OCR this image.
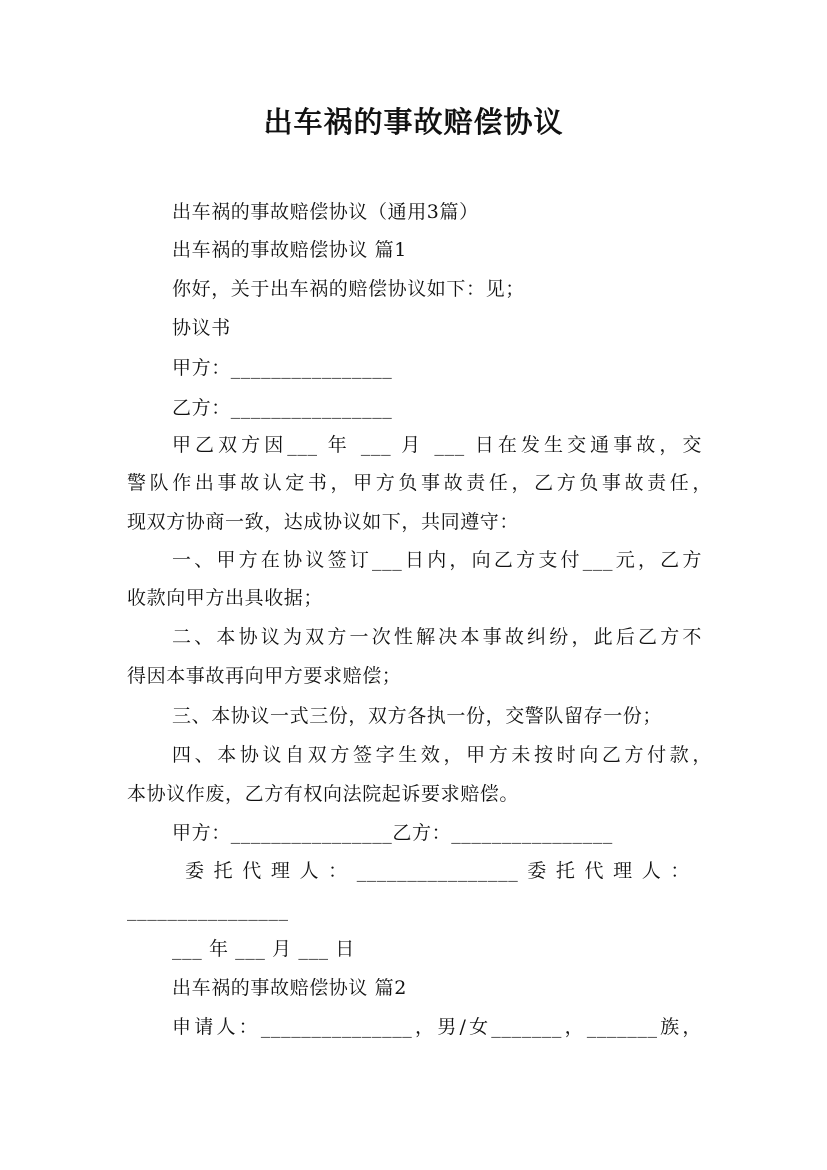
出车祸的事故赔偿协议
出车祸的事故赔偿协议（通用3篇）
出车祸的事故赔偿协议 篇1
你好，关于出车祸的赔偿协议如下：见；
协议书
甲方：________________
乙方：________________
甲乙双方因___ 年 ___ 月 ___ 日在发生交通事故，交
警队作出事故认定书，甲方负事故责任，乙方负事故责任，
现双方协商一致，达成协议如下，共同遵守：
一、甲方在协议签订___日内，向乙方支付___元，乙方
收款向甲方出具收据；
二、本协议为双方一次性解决本事故纠纷，此后乙方不
得因本事故再向甲方要求赔偿；
三、本协议一式三份，双方各执一份，交警队留存一份；
四、本协议自双方签字生效，甲方未按时向乙方付款，
本协议作废，乙方有权向法院起诉要求赔偿。
甲方：________________乙方：________________
委托代理人：________________委托代理人：
________________
___ 年 ___ 月 ___ 日
出车祸的事故赔偿协议 篇2
申请人：_______________，男/女_______，_______族，
